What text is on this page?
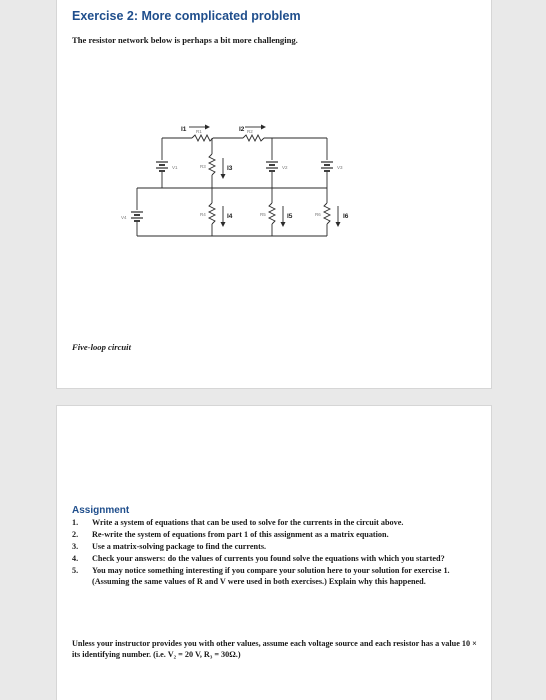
Exercise 2: More complicated problem
The resistor network below is perhaps a bit more challenging.
I1	I2
I3
I4	I5	I6
R1	R2
R3
R4	R5	R6
V1	V2	V3
V4
Five-loop circuit
Assignment
1.	Write a system of equations that can be used to solve for the currents in the circuit above.
2.	Re-write the system of equations from part 1 of this assignment as a matrix equation.
3.	Use a matrix-solving package to find the currents.
4.	Check your answers: do the values of currents you found solve the equations with which you started?
5.	You may notice something interesting if you compare your solution here to your solution for exercise 1. (Assuming the same values of R and V were used in both exercises.) Explain why this happened.
Unless your instructor provides you with other values, assume each voltage source and each resistor has a value 10 × its identifying number. (i.e. V₂ = 20 V, R₃ = 30Ω.)
